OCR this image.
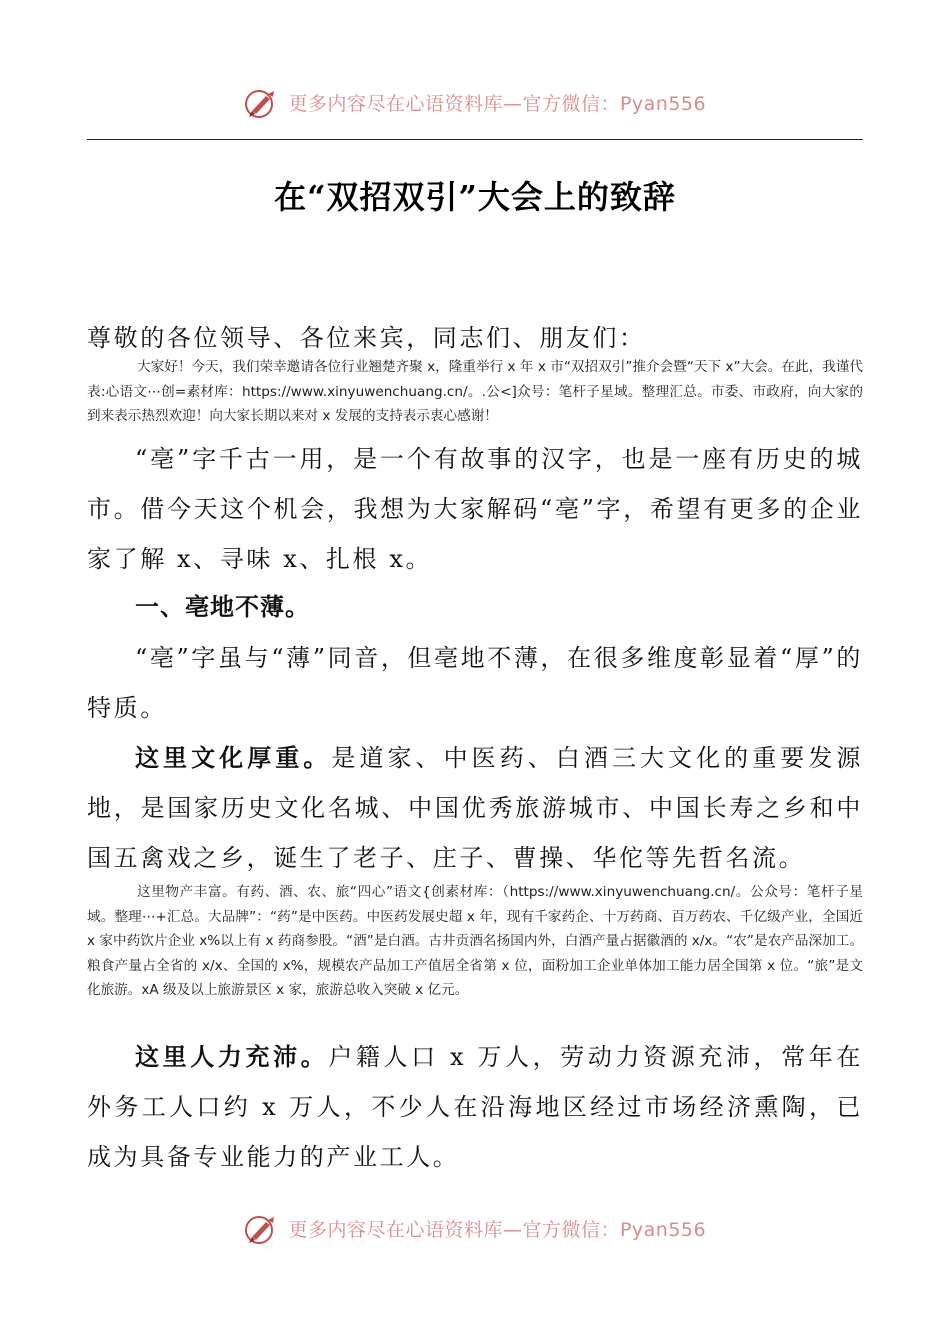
更多内容尽在心语资料库—官方微信：Pyan556
在“双招双引”大会上的致辞
尊敬的各位领导、各位来宾，同志们、朋友们：
大家好！今天，我们荣幸邀请各位行业翘楚齐聚 x，隆重举行 x 年 x 市“双招双引”推介会暨“天下 x”大会。在此，我谨代表:心语文⋯创=素材库：https://www.xinyuwenchuang.cn/。.公<]众号：笔杆子星域。整理汇总。市委、市政府，向大家的到来表示热烈欢迎！向大家长期以来对 x 发展的支持表示衷心感谢！
“亳”字千古一用，是一个有故事的汉字，也是一座有历史的城市。借今天这个机会，我想为大家解码“亳”字，希望有更多的企业家了解 x、寻味 x、扎根 x。
一、亳地不薄。
“亳”字虽与“薄”同音，但亳地不薄，在很多维度彰显着“厚”的特质。
这里文化厚重。是道家、中医药、白酒三大文化的重要发源地，是国家历史文化名城、中国优秀旅游城市、中国长寿之乡和中国五禽戏之乡，诞生了老子、庄子、曹操、华佗等先哲名流。
这里物产丰富。有药、酒、农、旅“四心”语文{创素材库：（https://www.xinyuwenchuang.cn/。公众号：笔杆子星域。整理⋯+汇总。大品牌”：“药”是中医药。中医药发展史超 x 年，现有千家药企、十万药商、百万药农、千亿级产业，全国近 x 家中药饮片企业 x%以上有 x 药商参股。“酒”是白酒。古井贡酒名扬国内外，白酒产量占据徽酒的 x/x。“农”是农产品深加工。粮食产量占全省的 x/x、全国的 x%，规模农产品加工产值居全省第 x 位，面粉加工企业单体加工能力居全国第 x 位。“旅”是文化旅游。xA 级及以上旅游景区 x 家，旅游总收入突破 x 亿元。
这里人力充沛。户籍人口 x 万人，劳动力资源充沛，常年在外务工人口约 x 万人，不少人在沿海地区经过市场经济熏陶，已成为具备专业能力的产业工人。
更多内容尽在心语资料库—官方微信：Pyan556
